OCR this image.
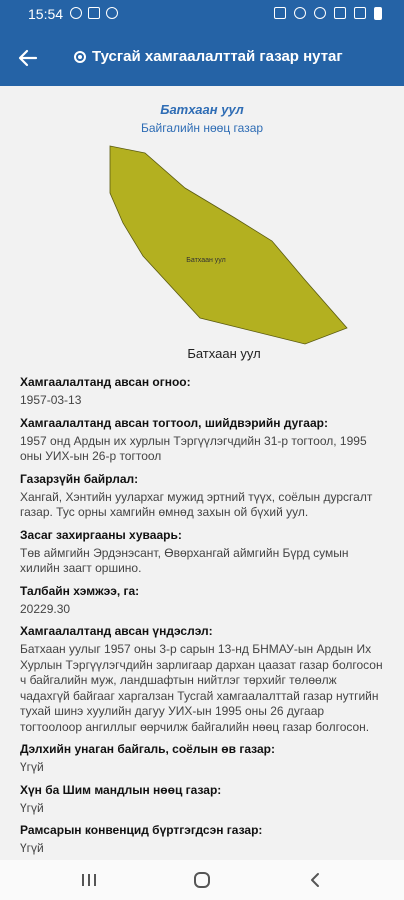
15:54
Тусгай хамгаалалттай газар нутаг
Батхаан уул
Байгалийн нөөц газар
Батхаан уул
Батхаан уул
Хамгаалалтанд авсан огноо:
1957-03-13
Хамгаалалтанд авсан тогтоол, шийдвэрийн дугаар:
1957 онд Ардын их хурлын Тэргүүлэгчдийн 31-р тогтоол, 1995 оны УИХ-ын 26-р тогтоол
Газарзүйн байрлал:
Хангай, Хэнтийн уулархаг мужид эртний түүх, соёлын дурсгалт газар. Тус орны хамгийн өмнөд захын ой бүхий уул.
Засаг захиргааны хуваарь:
Төв аймгийн Эрдэнэсант, Өвөрхангай аймгийн Бүрд сумын хилийн заагт оршино.
Талбайн хэмжээ, га:
20229.30
Хамгаалалтанд авсан үндэслэл:
Батхаан уулыг 1957 оны 3-р сарын 13-нд БНМАУ-ын Ардын Их Хурлын Тэргүүлэгчдийн зарлигаар дархан цаазат газар болгосон ч байгалийн муж, ландшафтын нийтлэг төрхийг төлөөлж чадахгүй байгааг харгалзан Тусгай хамгаалалттай газар нутгийн тухай шинэ хуулийн дагуу УИХ-ын 1995 оны 26 дугаар тогтоолоор ангиллыг өөрчилж байгалийн нөөц газар болгосон.
Дэлхийн унаган байгаль, соёлын өв газар:
Үгүй
Хүн ба Шим мандлын нөөц газар:
Үгүй
Рамсарын конвенцид бүртгэгдсэн газар:
Үгүй
